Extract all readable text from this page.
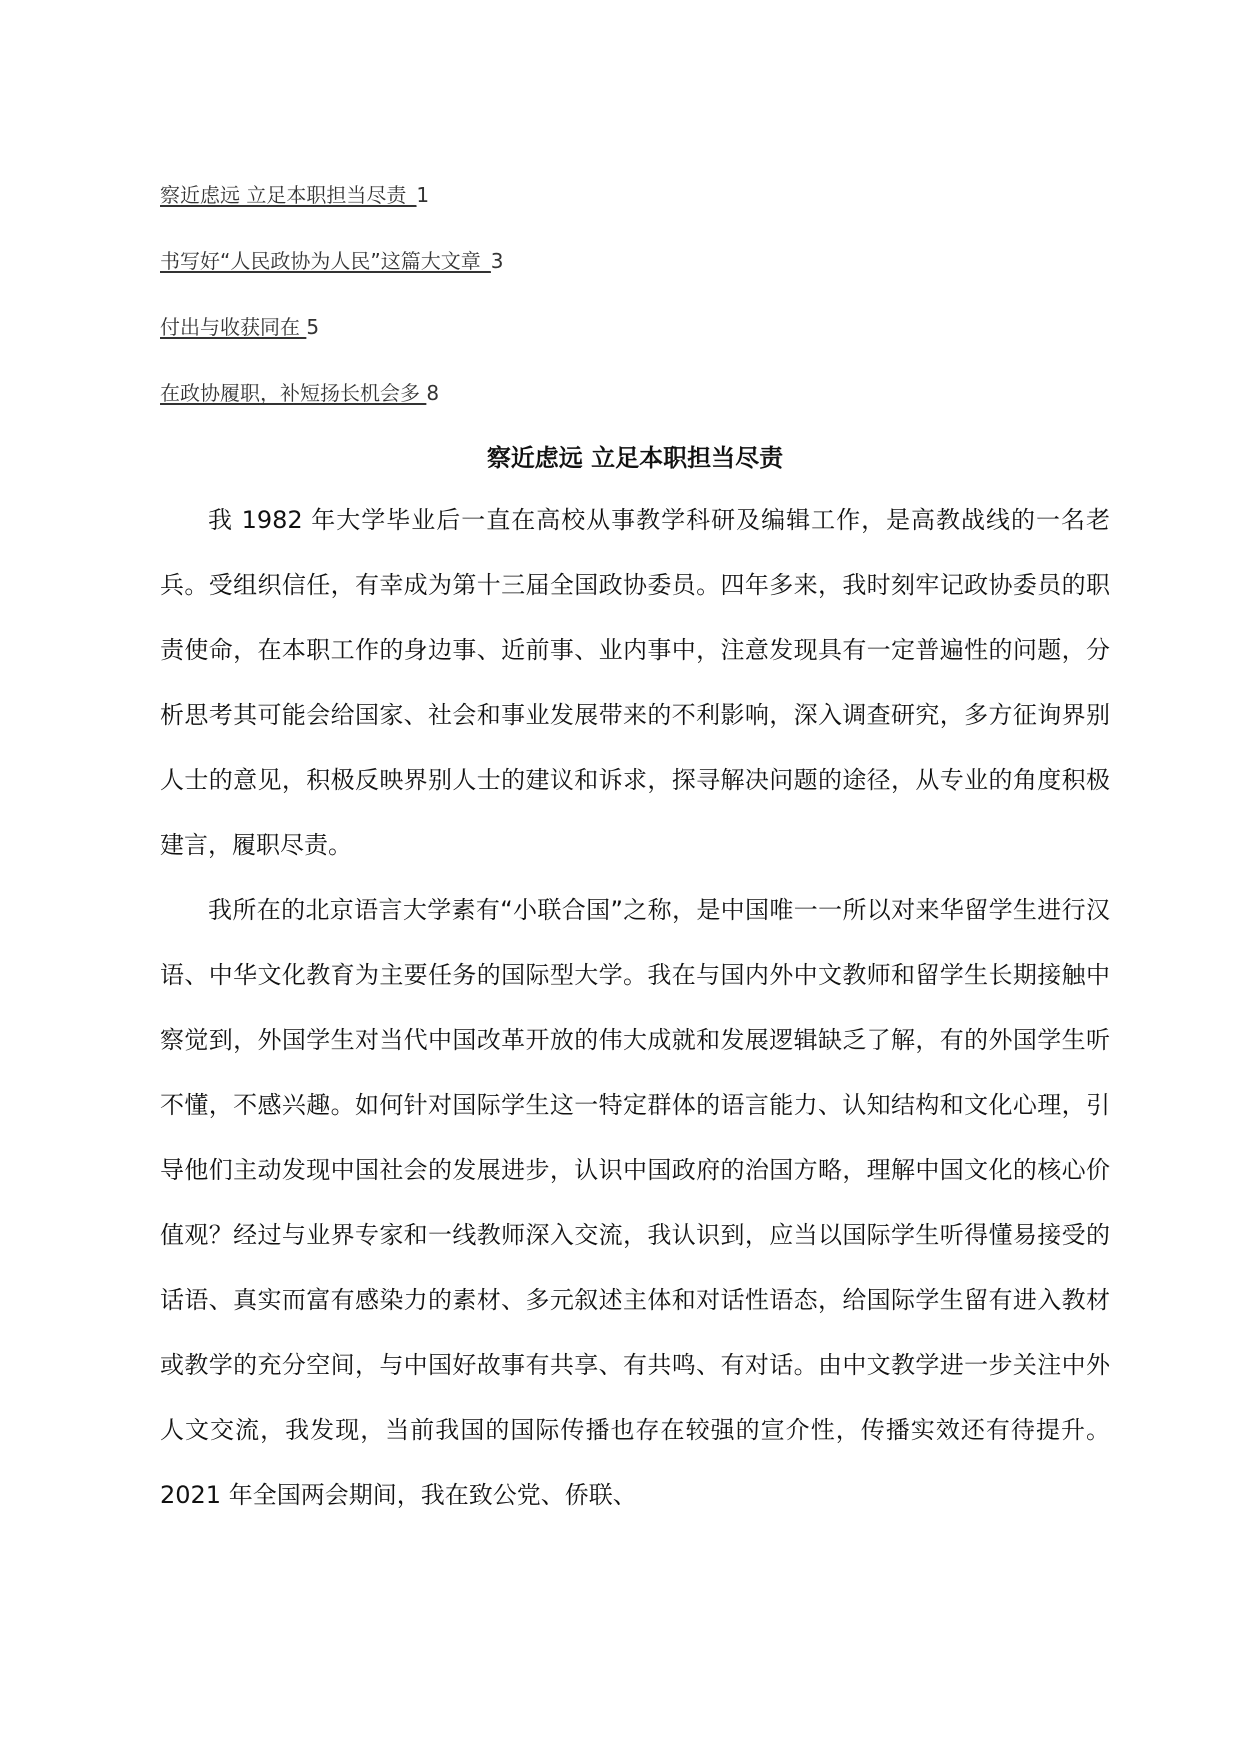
察近虑远 立足本职担当尽责_1
书写好“人民政协为人民”这篇大文章_3
付出与收获同在 5
在政协履职，补短扬长机会多 8
察近虑远 立足本职担当尽责

我 1982 年大学毕业后一直在高校从事教学科研及编辑工作，是高教战线的一名老兵。受组织信任，有幸成为第十三届全国政协委员。四年多来，我时刻牢记政协委员的职责使命，在本职工作的身边事、近前事、业内事中，注意发现具有一定普遍性的问题，分析思考其可能会给国家、社会和事业发展带来的不利影响，深入调查研究，多方征询界别人士的意见，积极反映界别人士的建议和诉求，探寻解决问题的途径，从专业的角度积极建言，履职尽责。

我所在的北京语言大学素有“小联合国”之称，是中国唯一一所以对来华留学生进行汉语、中华文化教育为主要任务的国际型大学。我在与国内外中文教师和留学生长期接触中察觉到，外国学生对当代中国改革开放的伟大成就和发展逻辑缺乏了解，有的外国学生听不懂，不感兴趣。如何针对国际学生这一特定群体的语言能力、认知结构和文化心理，引导他们主动发现中国社会的发展进步，认识中国政府的治国方略，理解中国文化的核心价值观？经过与业界专家和一线教师深入交流，我认识到，应当以国际学生听得懂易接受的话语、真实而富有感染力的素材、多元叙述主体和对话性语态，给国际学生留有进入教材或教学的充分空间，与中国好故事有共享、有共鸣、有对话。由中文教学进一步关注中外人文交流，我发现，当前我国的国际传播也存在较强的宣介性，传播实效还有待提升。2021 年全国两会期间，我在致公党、侨联、
